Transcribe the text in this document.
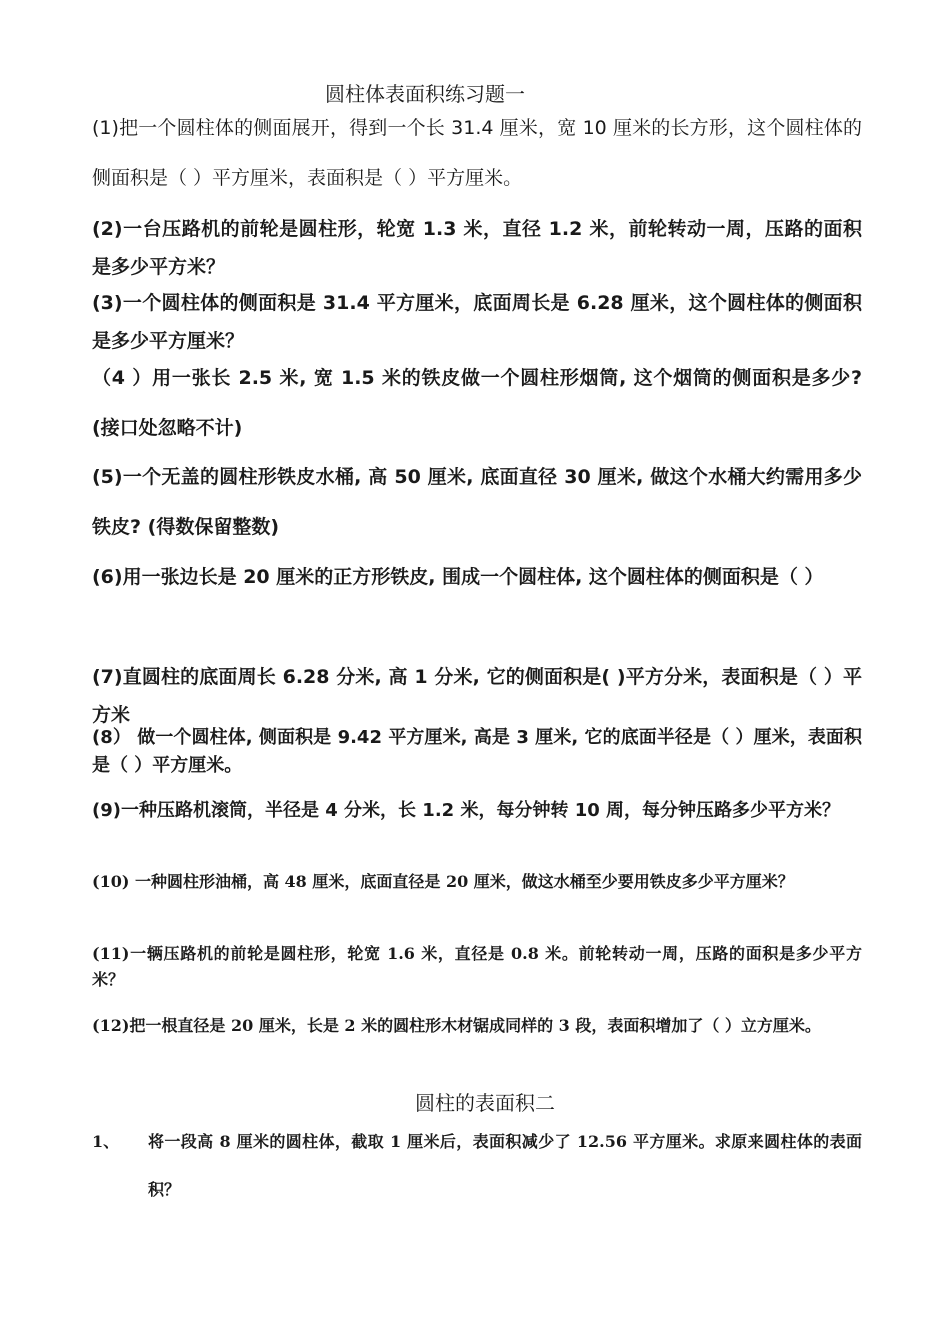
圆柱体表面积练习题一

(1)把一个圆柱体的侧面展开，得到一个长 31.4 厘米，宽 10 厘米的长方形，这个圆柱体的侧面积是（ ）平方厘米，表面积是（ ）平方厘米。

(2)一台压路机的前轮是圆柱形，轮宽 1.3 米，直径 1.2 米，前轮转动一周，压路的面积是多少平方米？

(3)一个圆柱体的侧面积是 31.4 平方厘米，底面周长是 6.28 厘米，这个圆柱体的侧面积是多少平方厘米？

（4 ）用一张长 2.5 米, 宽 1.5 米的铁皮做一个圆柱形烟筒, 这个烟筒的侧面积是多少? (接口处忽略不计)

(5)一个无盖的圆柱形铁皮水桶, 高 50 厘米, 底面直径 30 厘米, 做这个水桶大约需用多少铁皮? (得数保留整数)

(6)用一张边长是 20 厘米的正方形铁皮, 围成一个圆柱体, 这个圆柱体的侧面积是（ ）

(7)直圆柱的底面周长 6.28 分米, 高 1 分米, 它的侧面积是( )平方分米，表面积是（ ）平方米

(8） 做一个圆柱体, 侧面积是 9.42 平方厘米, 高是 3 厘米, 它的底面半径是（ ）厘米，表面积是（ ）平方厘米。

(9)一种压路机滚筒，半径是 4 分米，长 1.2 米，每分钟转 10 周，每分钟压路多少平方米？

(10) 一种圆柱形油桶，高 48 厘米，底面直径是 20 厘米，做这水桶至少要用铁皮多少平方厘米？

(11)一辆压路机的前轮是圆柱形，轮宽 1.6 米，直径是 0.8 米。前轮转动一周，压路的面积是多少平方米？

(12)把一根直径是 20 厘米，长是 2 米的圆柱形木材锯成同样的 3 段，表面积增加了（ ）立方厘米。

圆柱的表面积二
1、 将一段高 8 厘米的圆柱体，截取 1 厘米后，表面积减少了 12.56 平方厘米。求原来圆柱体的表面积？
